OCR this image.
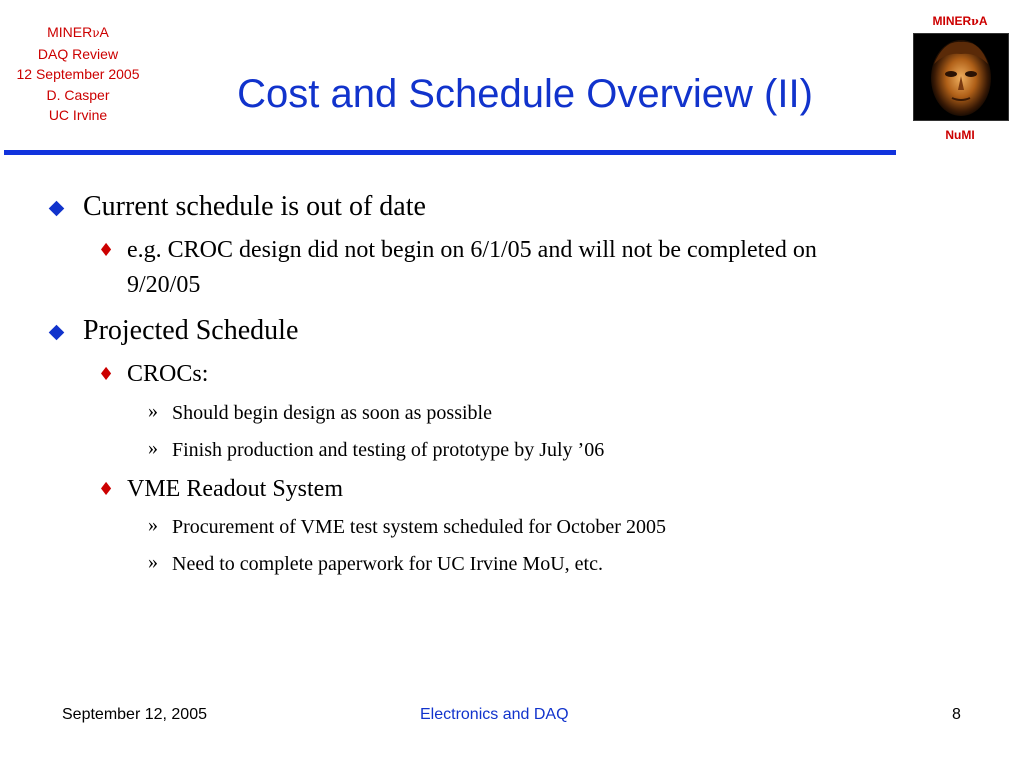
MINERνA
DAQ Review
12 September 2005
D. Casper
UC Irvine	Cost and Schedule Overview (II)
MINERνA
NuMI
Current schedule is out of date
♦ e.g. CROC design did not begin on 6/1/05 and will not be completed on
9/20/05
Projected Schedule
♦ CROCs:
» Should begin design as soon as possible
» Finish production and testing of prototype by July ’06
♦ VME Readout System
» Procurement of VME test system scheduled for October 2005
» Need to complete paperwork for UC Irvine MoU, etc.
September 12, 2005	Electronics and DAQ	8
